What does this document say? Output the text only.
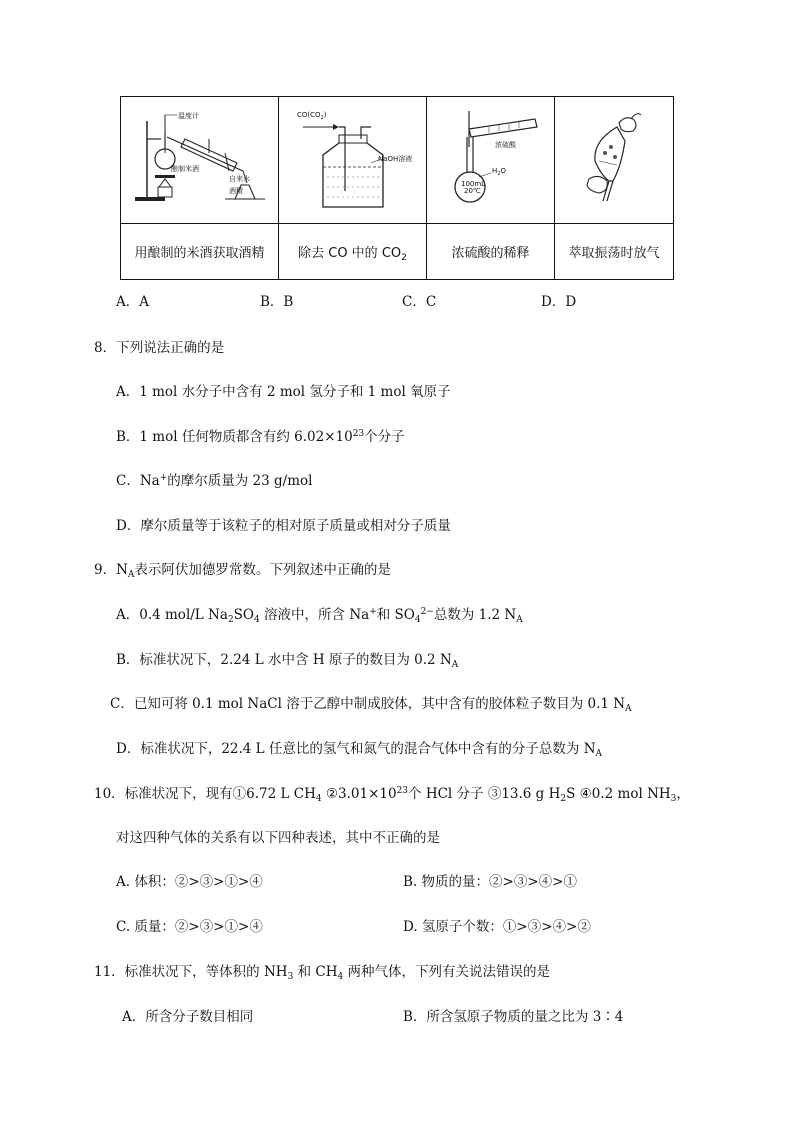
温度计
酿制米酒
自来水
酒精	$CO(CO_2)$
NaOH溶液	浓硫酸
100mL
20℃
$H_2O$

用酿制的米酒获取酒精	除去 CO 中的 $CO_2$	浓硫酸的稀释	萃取振荡时放气
A．A	B．B	C．C	D．D
8．下列说法正确的是
A．1 mol 水分子中含有 2 mol 氢分子和 1 mol 氧原子
B．1 mol 任何物质都含有约 $6.02\times 10^{23}$个分子
C．Na+的摩尔质量为 23 g/mol
D．摩尔质量等于该粒子的相对原子质量或相对分子质量
9．$N_A$表示阿伏加德罗常数。下列叙述中正确的是
A．0.4 mol/L $Na_2SO_4$ 溶液中，所含 Na+和 $SO_4^{2-}$总数为 1.2 $N_A$
B．标准状况下，2.24 L 水中含 H 原子的数目为 0.2 $N_A$
C．已知可将 0.1 mol NaCl 溶于乙醇中制成胶体，其中含有的胶体粒子数目为 0.1 $N_A$
D．标准状况下，22.4 L 任意比的氢气和氮气的混合气体中含有的分子总数为 $N_A$
10．标准状况下，现有①6.72 L $CH_4$ $②3.01\times 10^{23}$个 HCl 分子 ③13.6 g $H_2S$ ④0.2 mol $NH_3$，
对这四种气体的关系有以下四种表述，其中不正确的是
A. 体积：②>③>①>④	B. 物质的量：②>③>④>①
C. 质量：②>③>①>④	D. 氢原子个数：①>③>④>②
11．标准状况下，等体积的 $NH_3$ 和 $CH_4$ 两种气体，下列有关说法错误的是
A．所含分子数目相同	B．所含氢原子物质的量之比为 3∶4
